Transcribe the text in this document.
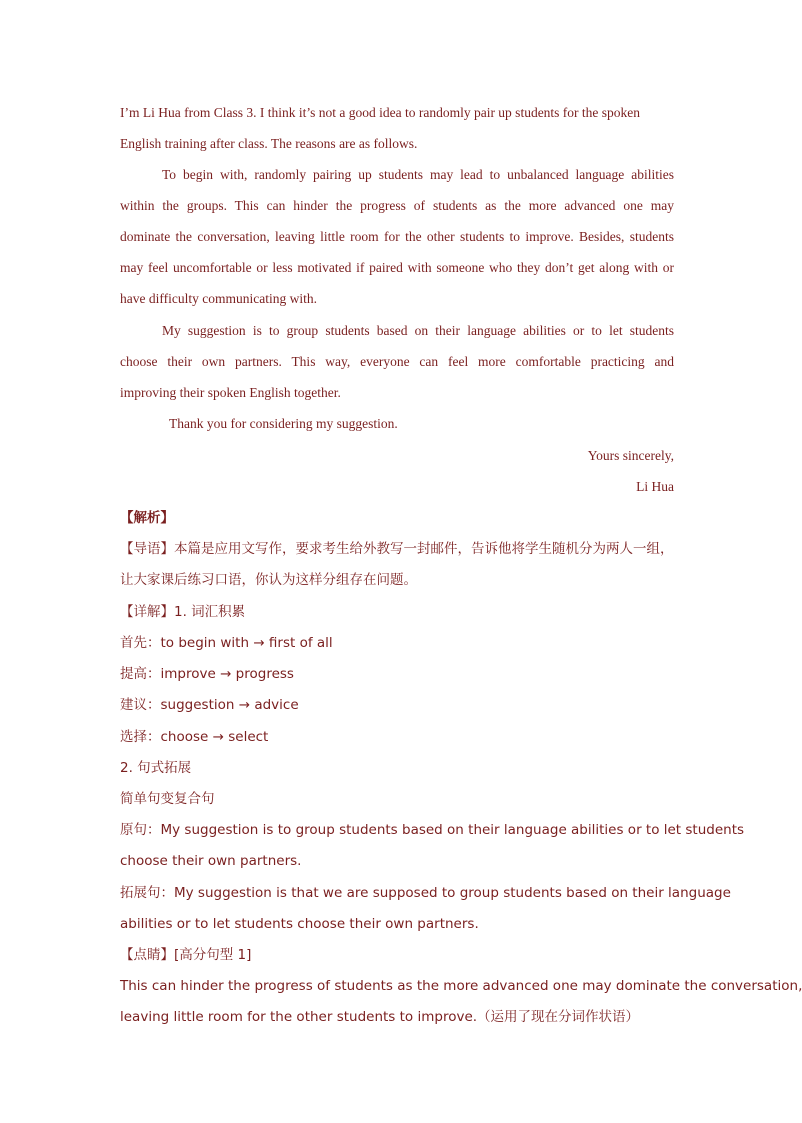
I’m Li Hua from Class 3. I think it’s not a good idea to randomly pair up students for the spoken

English training after class. The reasons are as follows.

To begin with, randomly pairing up students may lead to unbalanced language abilities

within the groups. This can hinder the progress of students as the more advanced one may

dominate the conversation, leaving little room for the other students to improve. Besides, students

may feel uncomfortable or less motivated if paired with someone who they don’t get along with or

have difficulty communicating with.

My suggestion is to group students based on their language abilities or to let students

choose their own partners. This way, everyone can feel more comfortable practicing and

improving their spoken English together.

Thank you for considering my suggestion.

Yours sincerely,

Li Hua

【解析】

【导语】本篇是应用文写作，要求考生给外教写一封邮件，告诉他将学生随机分为两人一组，

让大家课后练习口语，你认为这样分组存在问题。

【详解】1. 词汇积累

首先：to begin with → first of all

提高：improve → progress

建议：suggestion → advice

选择：choose → select

2. 句式拓展

简单句变复合句

原句：My suggestion is to group students based on their language abilities or to let students

choose their own partners.

拓展句：My suggestion is that we are supposed to group students based on their language

abilities or to let students choose their own partners.

【点睛】[高分句型 1]

This can hinder the progress of students as the more advanced one may dominate the conversation,

leaving little room for the other students to improve.（运用了现在分词作状语）
